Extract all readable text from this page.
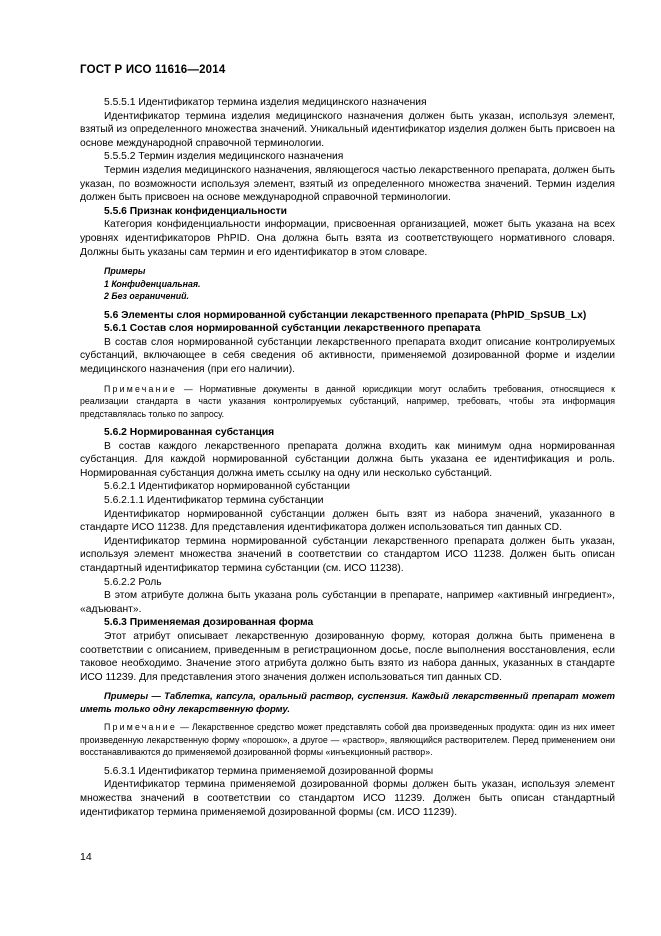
ГОСТ Р ИСО 11616—2014

5.5.5.1 Идентификатор термина изделия медицинского назначения

Идентификатор термина изделия медицинского назначения должен быть указан, используя элемент, взятый из определенного множества значений. Уникальный идентификатор изделия должен быть присвоен на основе международной справочной терминологии.

5.5.5.2 Термин изделия медицинского назначения

Термин изделия медицинского назначения, являющегося частью лекарственного препарата, должен быть указан, по возможности используя элемент, взятый из определенного множества значений. Термин изделия должен быть присвоен на основе международной справочной терминологии.

5.5.6 Признак конфиденциальности

Категория конфиденциальности информации, присвоенная организацией, может быть указана на всех уровнях идентификаторов PhPID. Она должна быть взята из соответствующего нормативного словаря. Должны быть указаны сам термин и его идентификатор в этом словаре.

Примеры

1 Конфиденциальная.

2 Без ограничений.

5.6 Элементы слоя нормированной субстанции лекарственного препарата (PhPID_SpSUB_Lx)

5.6.1 Состав слоя нормированной субстанции лекарственного препарата

В состав слоя нормированной субстанции лекарственного препарата входит описание контролируемых субстанций, включающее в себя сведения об активности, применяемой дозированной форме и изделии медицинского назначения (при его наличии).

Примечание — Нормативные документы в данной юрисдикции могут ослабить требования, относящиеся к реализации стандарта в части указания контролируемых субстанций, например, требовать, чтобы эта информация представлялась только по запросу.

5.6.2 Нормированная субстанция

В состав каждого лекарственного препарата должна входить как минимум одна нормированная субстанция. Для каждой нормированной субстанции должна быть указана ее идентификация и роль. Нормированная субстанция должна иметь ссылку на одну или несколько субстанций.

5.6.2.1 Идентификатор нормированной субстанции

5.6.2.1.1 Идентификатор термина субстанции

Идентификатор нормированной субстанции должен быть взят из набора значений, указанного в стандарте ИСО 11238. Для представления идентификатора должен использоваться тип данных CD.

Идентификатор термина нормированной субстанции лекарственного препарата должен быть указан, используя элемент множества значений в соответствии со стандартом ИСО 11238. Должен быть описан стандартный идентификатор термина субстанции (см. ИСО 11238).

5.6.2.2 Роль

В этом атрибуте должна быть указана роль субстанции в препарате, например «активный ингредиент», «адъювант».

5.6.3 Применяемая дозированная форма

Этот атрибут описывает лекарственную дозированную форму, которая должна быть применена в соответствии с описанием, приведенным в регистрационном досье, после выполнения восстановления, если таковое необходимо. Значение этого атрибута должно быть взято из набора данных, указанных в стандарте ИСО 11239. Для представления этого значения должен использоваться тип данных CD.

Примеры — Таблетка, капсула, оральный раствор, суспензия. Каждый лекарственный препарат может иметь только одну лекарственную форму.

Примечание — Лекарственное средство может представлять собой два произведенных продукта: один из них имеет произведенную лекарственную форму «порошок», а другое — «раствор», являющийся растворителем. Перед применением они восстанавливаются до применяемой дозированной формы «инъекционный раствор».

5.6.3.1 Идентификатор термина применяемой дозированной формы

Идентификатор термина применяемой дозированной формы должен быть указан, используя элемент множества значений в соответствии со стандартом ИСО 11239. Должен быть описан стандартный идентификатор термина применяемой дозированной формы (см. ИСО 11239).

14
